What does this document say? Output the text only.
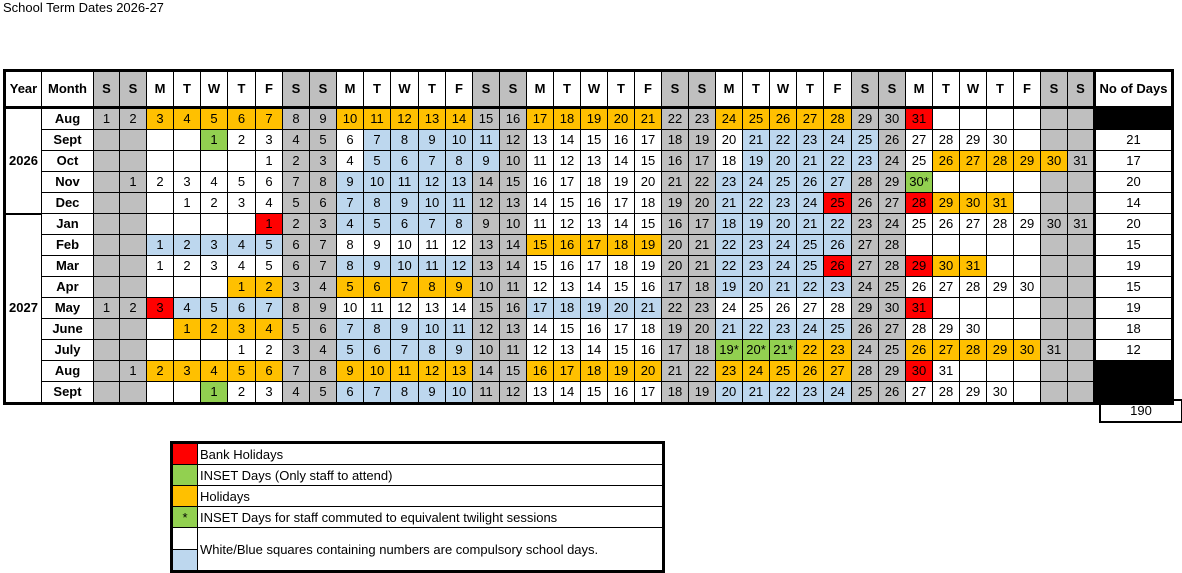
School Term Dates 2026-27
Year	Month	S	S	M	T	W	T	F	S	S	M	T	W	T	F	S	S	M	T	W	T	F	S	S	M	T	W	T	F	S	S	M	T	W	T	F	S	S	No of Days
2026	Aug	1	2	3	4	5	6	7	8	9	10	11	12	13	14	15	16	17	18	19	20	21	22	23	24	25	26	27	28	29	30	31							
	Sept					1	2	3	4	5	6	7	8	9	10	11	12	13	14	15	16	17	18	19	20	21	22	23	24	25	26	27	28	29	30				21
	Oct							1	2	3	4	5	6	7	8	9	10	11	12	13	14	15	16	17	18	19	20	21	22	23	24	25	26	27	28	29	30	31	17
	Nov		1	2	3	4	5	6	7	8	9	10	11	12	13	14	15	16	17	18	19	20	21	22	23	24	25	26	27	28	29	30*							20
	Dec				1	2	3	4	5	6	7	8	9	10	11	12	13	14	15	16	17	18	19	20	21	22	23	24	25	26	27	28	29	30	31				14
2027	Jan							1	2	3	4	5	6	7	8	9	10	11	12	13	14	15	16	17	18	19	20	21	22	23	24	25	26	27	28	29	30	31	20
	Feb			1	2	3	4	5	6	7	8	9	10	11	12	13	14	15	16	17	18	19	20	21	22	23	24	25	26	27	28								15
	Mar			1	2	3	4	5	6	7	8	9	10	11	12	13	14	15	16	17	18	19	20	21	22	23	24	25	26	27	28	29	30	31					19
	Apr						1	2	3	4	5	6	7	8	9	10	11	12	13	14	15	16	17	18	19	20	21	22	23	24	25	26	27	28	29	30			15
	May	1	2	3	4	5	6	7	8	9	10	11	12	13	14	15	16	17	18	19	20	21	22	23	24	25	26	27	28	29	30	31							19
	June				1	2	3	4	5	6	7	8	9	10	11	12	13	14	15	16	17	18	19	20	21	22	23	24	25	26	27	28	29	30					18
	July						1	2	3	4	5	6	7	8	9	10	11	12	13	14	15	16	17	18	19*	20*	21*	22	23	24	25	26	27	28	29	30	31		12
	Aug		1	2	3	4	5	6	7	8	9	10	11	12	13	14	15	16	17	18	19	20	21	22	23	24	25	26	27	28	29	30	31						
	Sept					1	2	3	4	5	6	7	8	9	10	11	12	13	14	15	16	17	18	19	20	21	22	23	24	25	26	27	28	29	30				
190
	Bank Holidays
	INSET Days (Only staff to attend)
	Holidays
*	INSET Days for staff commuted to equivalent twilight sessions

	White/Blue squares containing numbers are compulsory school days.
